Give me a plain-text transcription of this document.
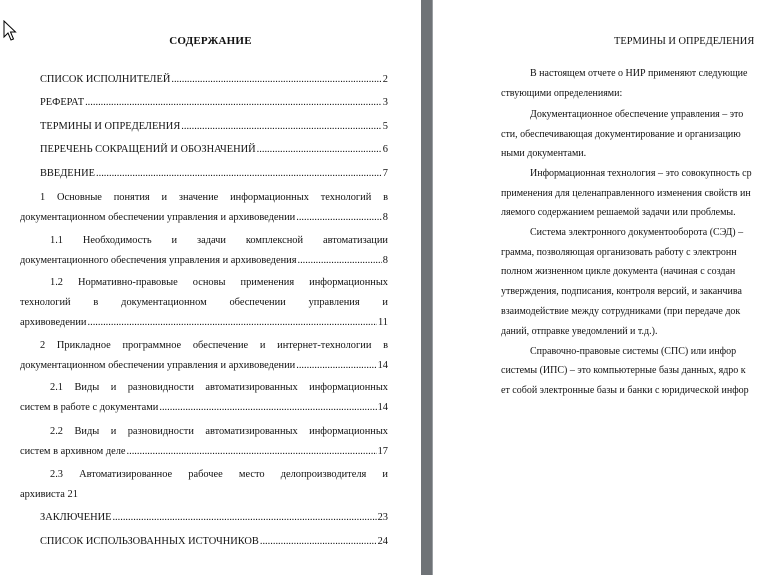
СОДЕРЖАНИЕ
СПИСОК ИСПОЛНИТЕЛЕЙ .....	2
РЕФЕРАТ .....	3
ТЕРМИНЫ И ОПРЕДЕЛЕНИЯ .....	5
ПЕРЕЧЕНЬ СОКРАЩЕНИЙ И ОБОЗНАЧЕНИЙ .....	6
ВВЕДЕНИЕ .....	7
1 Основные понятия и значение информационных технологий в
документационном обеспечении управления и архивоведении .....	8
1.1 Необходимость и задачи комплексной автоматизации
документационного обеспечения управления и архивоведения .....	8
1.2 Нормативно-правовые основы применения информационных
технологий в документационном обеспечении управления и
архивоведении .....	11
2 Прикладное программное обеспечение и интернет-технологии в
документационном обеспечении управления и архивоведении .....	14
2.1 Виды и разновидности автоматизированных информационных
систем в работе с документами .....	14
2.2 Виды и разновидности автоматизированных информационных
систем в архивном деле .....	17
2.3 Автоматизированное рабочее место делопроизводителя и
архивиста 21
ЗАКЛЮЧЕНИЕ .....	23
СПИСОК ИСПОЛЬЗОВАННЫХ ИСТОЧНИКОВ .....	24
ТЕРМИНЫ И ОПРЕДЕЛЕНИЯ
В настоящем отчете о НИР применяют следующие
ствующими определениями:
Документационное обеспечение управления – это
сти, обеспечивающая документирование и организацию
ными документами.
Информационная технология – это совокупность ср
применения для целенаправленного изменения свойств ин
ляемого содержанием решаемой задачи или проблемы.
Система электронного документооборота (СЭД) –
грамма, позволяющая организовать работу с электронн
полном жизненном цикле документа (начиная с создан
утверждения, подписания, контроля версий, и заканчива
взаимодействие между сотрудниками (при передаче док
даний, отправке уведомлений и т.д.).
Справочно-правовые системы (СПС) или инфор
системы (ИПС) – это компьютерные базы данных, ядро к
ет собой электронные базы и банки с юридической инфор
